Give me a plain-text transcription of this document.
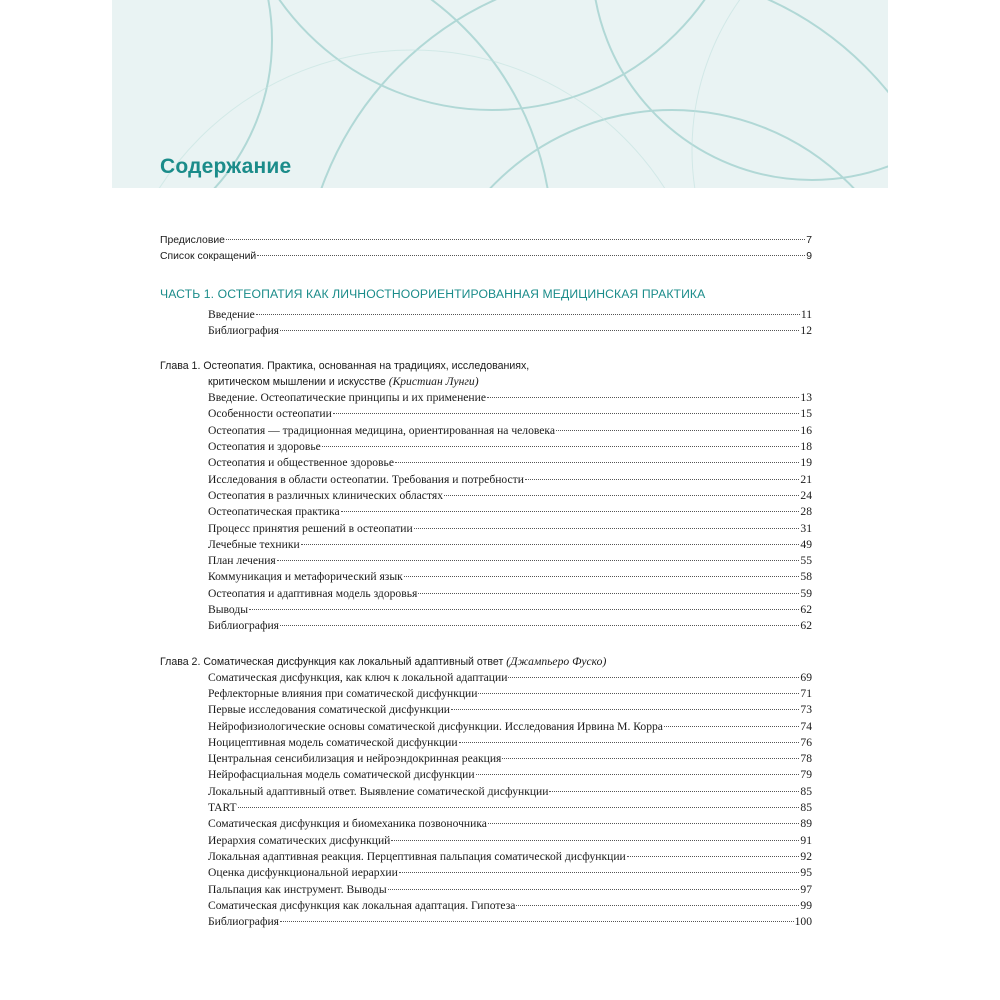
Содержание
Предисловие	7
Список сокращений	9
ЧАСТЬ 1. ОСТЕОПАТИЯ КАК ЛИЧНОСТНООРИЕНТИРОВАННАЯ МЕДИЦИНСКАЯ ПРАКТИКА
Введение	11
Библиография	12
Глава 1. Остеопатия. Практика, основанная на традициях, исследованиях,
критическом мышлении и искусстве (Кристиан Лунги)
Введение. Остеопатические принципы и их применение	13
Особенности остеопатии	15
Остеопатия — традиционная медицина, ориентированная на человека	16
Остеопатия и здоровье	18
Остеопатия и общественное здоровье	19
Исследования в области остеопатии. Требования и потребности	21
Остеопатия в различных клинических областях	24
Остеопатическая практика	28
Процесс принятия решений в остеопатии	31
Лечебные техники	49
План лечения	55
Коммуникация и метафорический язык	58
Остеопатия и адаптивная модель здоровья	59
Выводы	62
Библиография	62
Глава 2. Соматическая дисфункция как локальный адаптивный ответ (Джампьеро Фуско)
Соматическая дисфункция, как ключ к локальной адаптации	69
Рефлекторные влияния при соматической дисфункции	71
Первые исследования соматической дисфункции	73
Нейрофизиологические основы соматической дисфункции. Исследования Ирвина М. Корра	74
Ноцицептивная модель соматической дисфункции	76
Центральная сенсибилизация и нейроэндокринная реакция	78
Нейрофасциальная модель соматической дисфункции	79
Локальный адаптивный ответ. Выявление соматической дисфункции	85
TART	85
Соматическая дисфункция и биомеханика позвоночника	89
Иерархия соматических дисфункций	91
Локальная адаптивная реакция. Перцептивная пальпация соматической дисфункции	92
Оценка дисфункциональной иерархии	95
Пальпация как инструмент. Выводы	97
Соматическая дисфункция как локальная адаптация. Гипотеза	99
Библиография	100
